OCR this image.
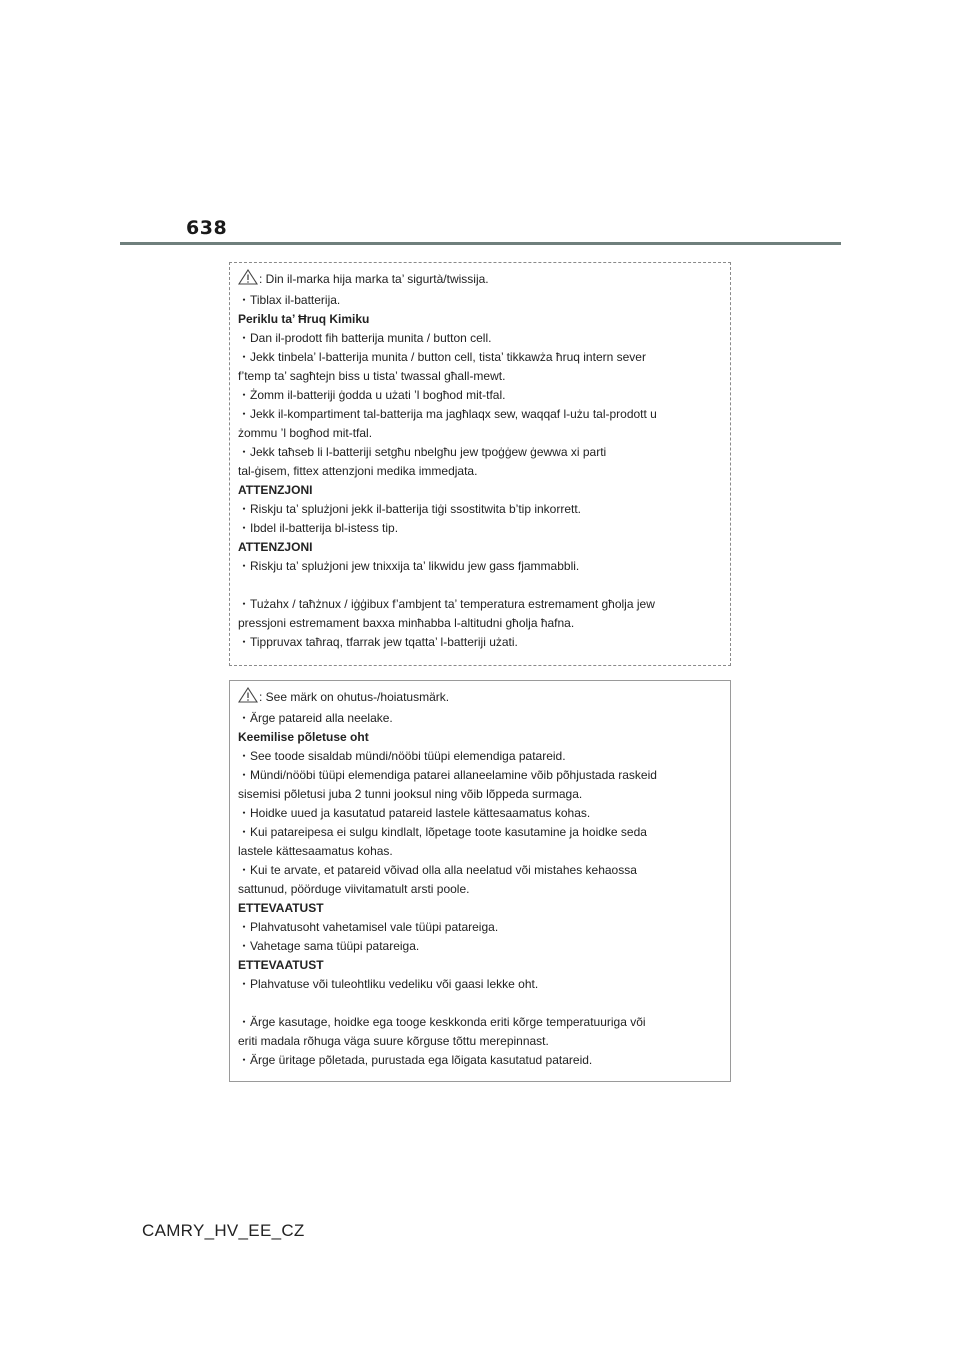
638
: Din il-marka hija marka ta’ sigurtà/twissija.
・Tiblax il-batterija.
Periklu ta’ Ħruq Kimiku
・Dan il-prodott fih batterija munita / button cell.
・Jekk tinbela’ l-batterija munita / button cell, tista’ tikkawża ħruq intern sever
f’temp ta’ sagħtejn biss u tista’ twassal għall-mewt.
・Żomm il-batteriji ġodda u użati ’l bogħod mit-tfal.
・Jekk il-kompartiment tal-batterija ma jagħlaqx sew, waqqaf l-użu tal-prodott u
żommu ’l bogħod mit-tfal.
・Jekk taħseb li l-batteriji setgħu nbelgħu jew tpoġġew ġewwa xi parti
tal-ġisem, fittex attenzjoni medika immedjata.
ATTENZJONI
・Riskju ta’ splużjoni jekk il-batterija tiġi ssostitwita b’tip inkorrett.
・Ibdel il-batterija bl-istess tip.
ATTENZJONI
・Riskju ta’ splużjoni jew tnixxija ta’ likwidu jew gass fjammabbli.
・Tużahx / taħżnux / iġġibux f’ambjent ta’ temperatura estremament għolja jew
pressjoni estremament baxxa minħabba l-altitudni għolja ħafna.
・Tippruvax taħraq, tfarrak jew tqatta’ l-batteriji użati.
: See märk on ohutus-/hoiatusmärk.
・Ärge patareid alla neelake.
Keemilise põletuse oht
・See toode sisaldab mündi/nööbi tüüpi elemendiga patareid.
・Mündi/nööbi tüüpi elemendiga patarei allaneelamine võib põhjustada raskeid
sisemisi põletusi juba 2 tunni jooksul ning võib lõppeda surmaga.
・Hoidke uued ja kasutatud patareid lastele kättesaamatus kohas.
・Kui patareipesa ei sulgu kindlalt, lõpetage toote kasutamine ja hoidke seda
lastele kättesaamatus kohas.
・Kui te arvate, et patareid võivad olla alla neelatud või mistahes kehaossa
sattunud, pöörduge viivitamatult arsti poole.
ETTEVAATUST
・Plahvatusoht vahetamisel vale tüüpi patareiga.
・Vahetage sama tüüpi patareiga.
ETTEVAATUST
・Plahvatuse või tuleohtliku vedeliku või gaasi lekke oht.
・Ärge kasutage, hoidke ega tooge keskkonda eriti kõrge temperatuuriga või
eriti madala rõhuga väga suure kõrguse tõttu merepinnast.
・Ärge üritage põletada, purustada ega lõigata kasutatud patareid.
CAMRY_HV_EE_CZ
